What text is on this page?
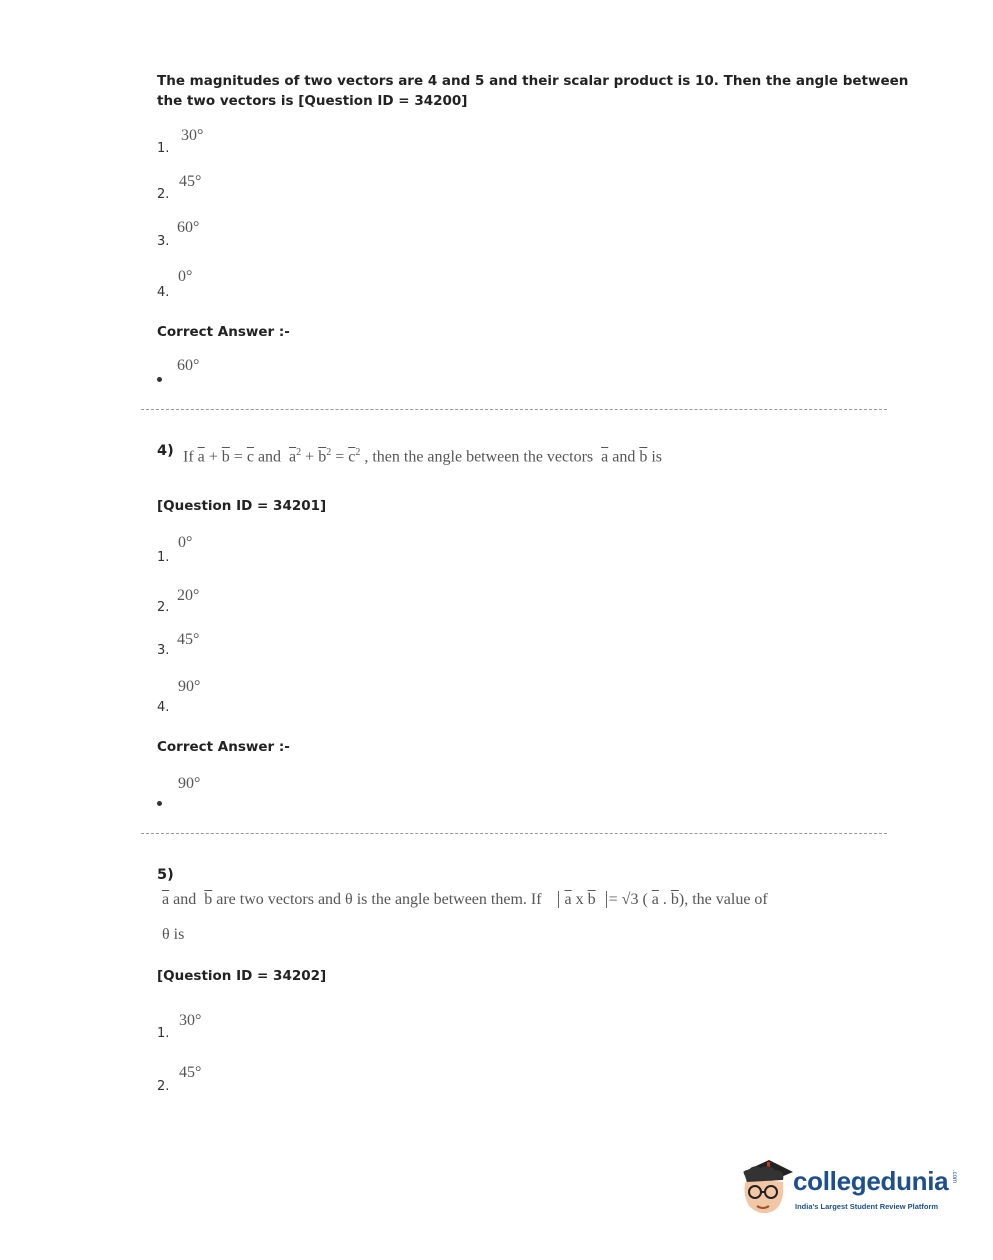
The magnitudes of two vectors are 4 and 5 and their scalar product is 10. Then the angle between
the two vectors is [Question ID = 34200]
1.
30°
2.
45°
3.
60°
4.
0°
Correct Answer :-
60°
4) If $\overline{a} + \overline{b} = \overline{c}$ and $\overline{a}^2 + \overline{b}^2 = \overline{c}^2$ , then the angle between the vectors $\overline{a}$ and $\overline{b}$ is
[Question ID = 34201]
1.
0°
2.
20°
3.
45°
4.
90°
Correct Answer :-
90°
5)
$\overline{a}$ and $\overline{b}$ are two vectors and θ is the angle between them. If $\overline{a}$ x $\overline{b} = √3$ ( $\overline{a}$ . $\overline{b}$), the value of
θ is
[Question ID = 34202]
1.
30°
2.
45°
collegedunia .com
India's Largest Student Review Platform
